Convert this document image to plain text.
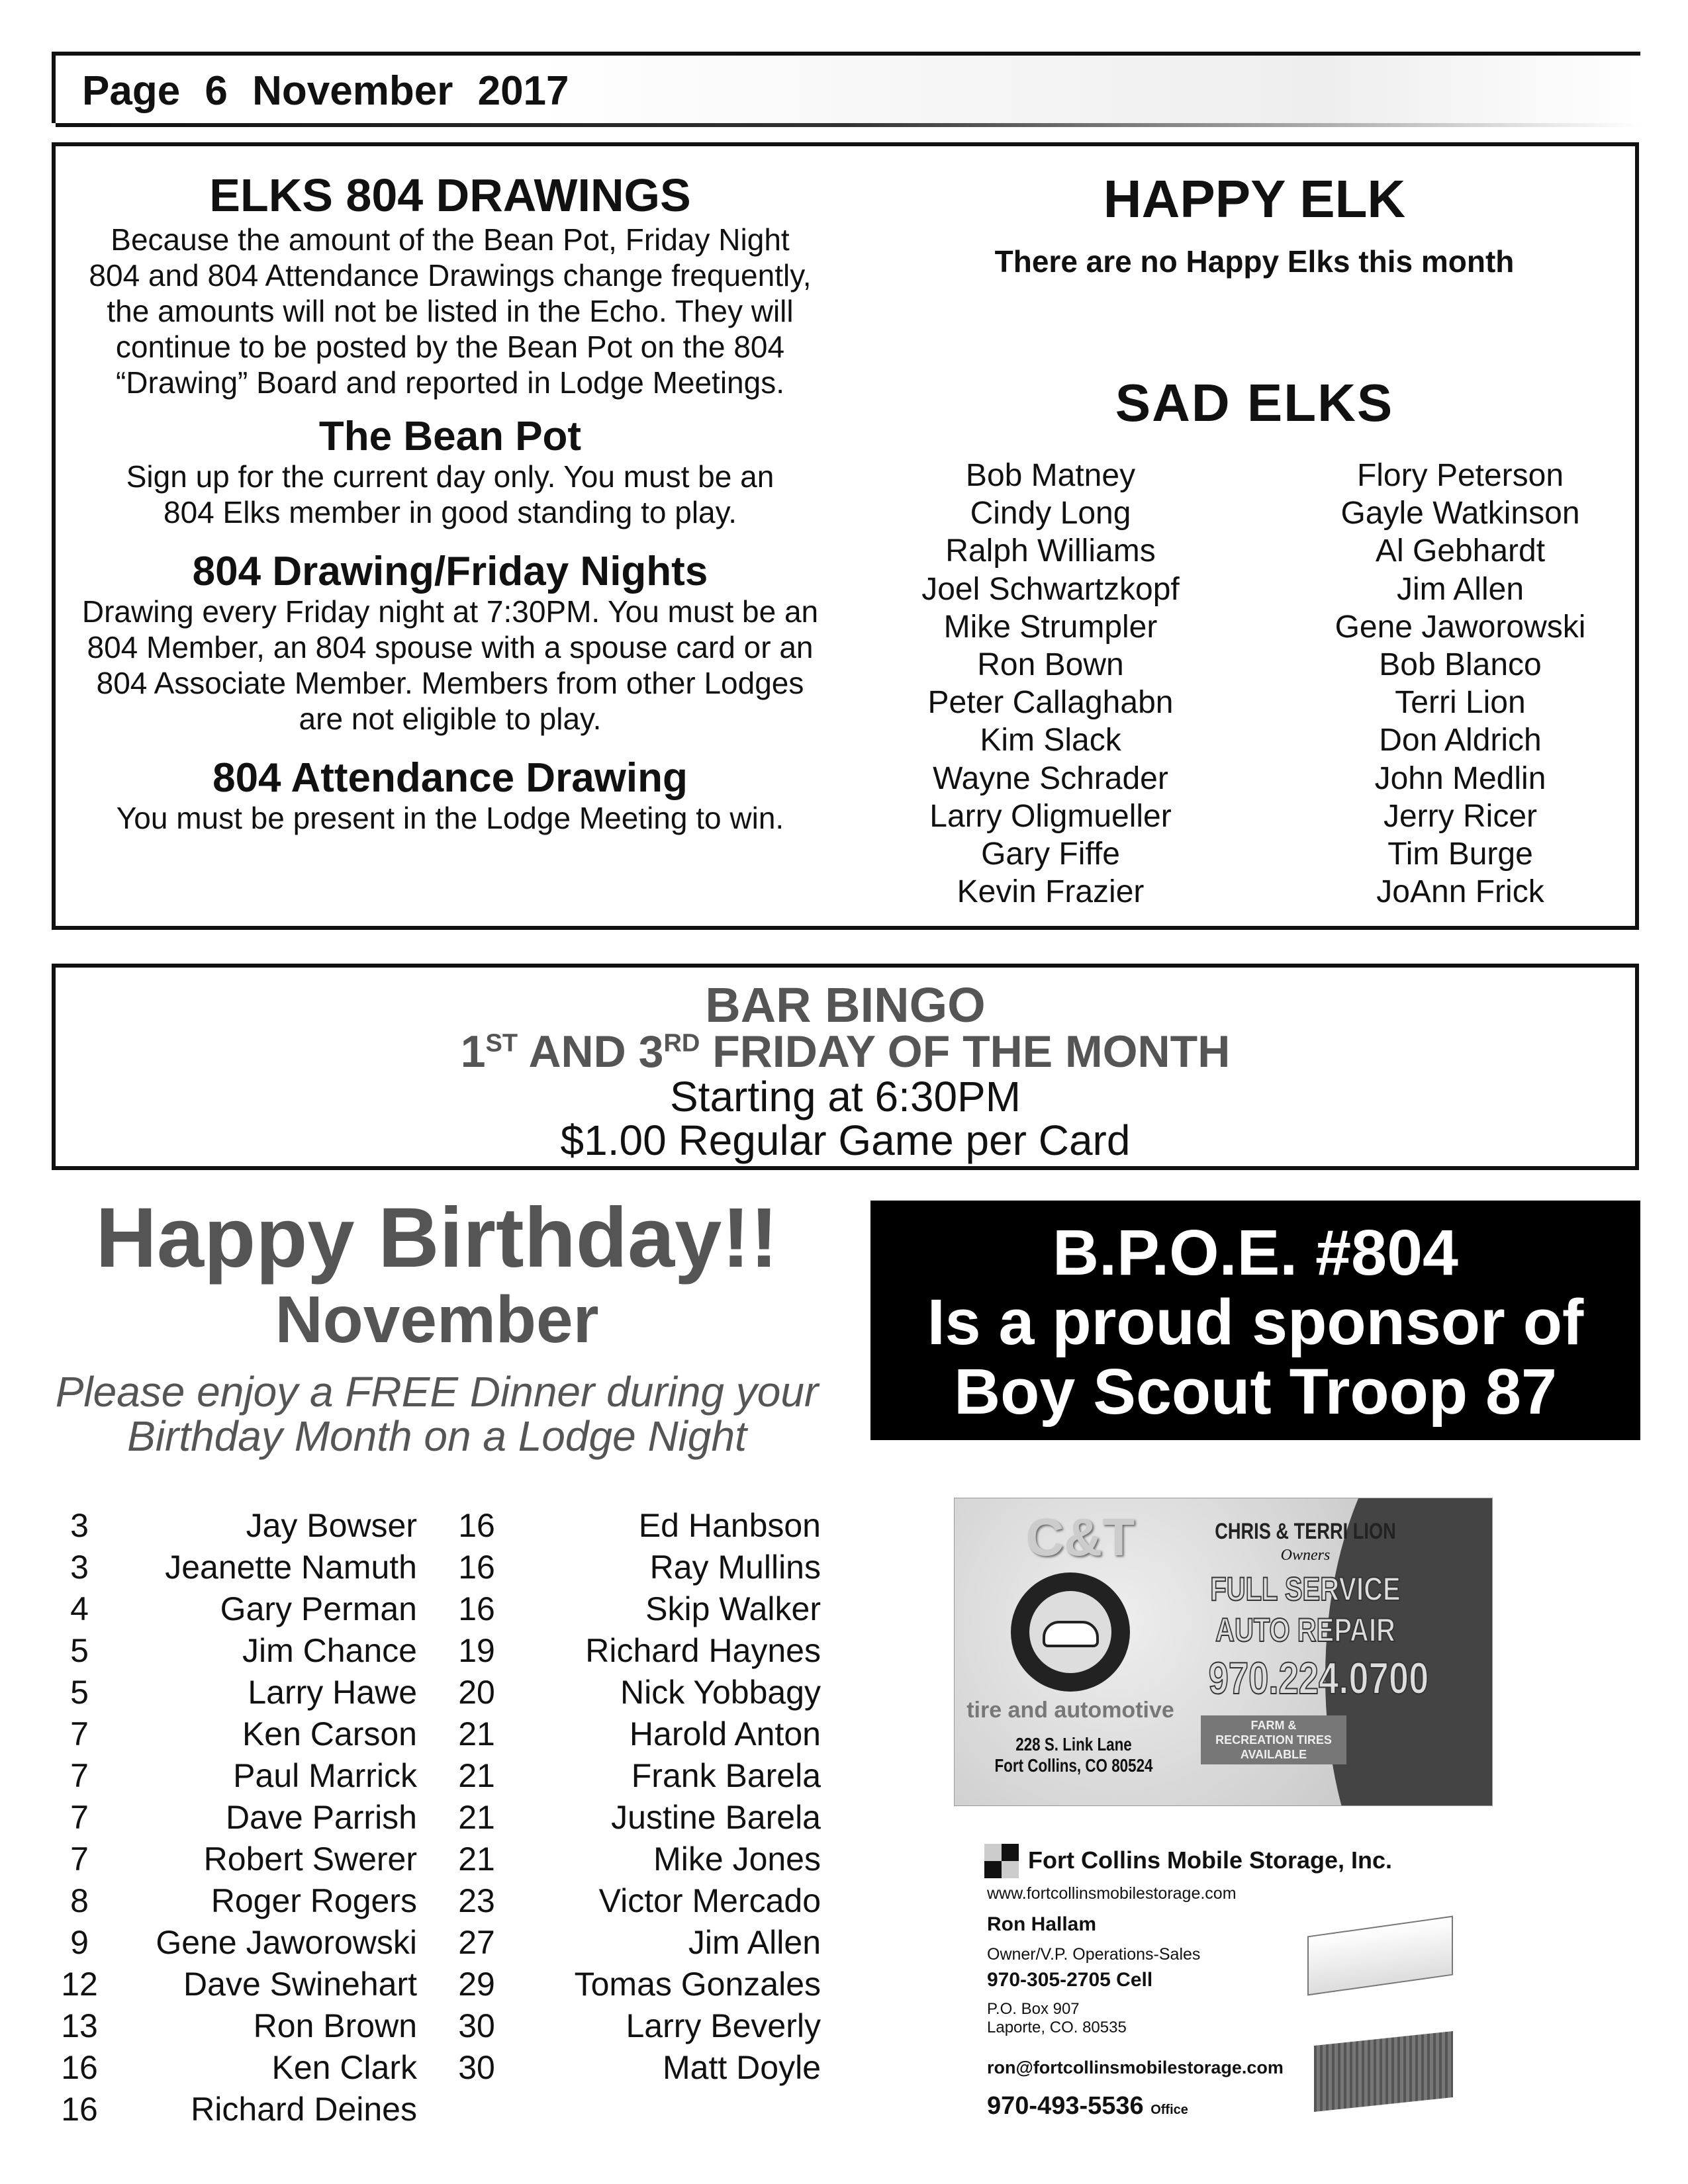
Page 6 November 2017
ELKS 804 DRAWINGS
Because the amount of the Bean Pot, Friday Night
804 and 804 Attendance Drawings change frequently,
the amounts will not be listed in the Echo. They will
continue to be posted by the Bean Pot on the 804
“Drawing” Board and reported in Lodge Meetings.
The Bean Pot
Sign up for the current day only. You must be an
804 Elks member in good standing to play.
804 Drawing/Friday Nights
Drawing every Friday night at 7:30PM. You must be an
804 Member, an 804 spouse with a spouse card or an
804 Associate Member. Members from other Lodges
are not eligible to play.
804 Attendance Drawing
You must be present in the Lodge Meeting to win.
HAPPY ELK
There are no Happy Elks this month
SAD ELKS
Bob Matney
Cindy Long
Ralph Williams
Joel Schwartzkopf
Mike Strumpler
Ron Bown
Peter Callaghabn
Kim Slack
Wayne Schrader
Larry Oligmueller
Gary Fiffe
Kevin Frazier
Flory Peterson
Gayle Watkinson
Al Gebhardt
Jim Allen
Gene Jaworowski
Bob Blanco
Terri Lion
Don Aldrich
John Medlin
Jerry Ricer
Tim Burge
JoAnn Frick
BAR BINGO
1ST AND 3RD FRIDAY OF THE MONTH
Starting at 6:30PM
$1.00 Regular Game per Card
Happy Birthday!!
November
Please enjoy a FREE Dinner during your
Birthday Month on a Lodge Night
3	Jay Bowser
3	Jeanette Namuth
4	Gary Perman
5	Jim Chance
5	Larry Hawe
7	Ken Carson
7	Paul Marrick
7	Dave Parrish
7	Robert Swerer
8	Roger Rogers
9	Gene Jaworowski
12	Dave Swinehart
13	Ron Brown
16	Ken Clark
16	Richard Deines
16	Ed Hanbson
16	Ray Mullins
16	Skip Walker
19	Richard Haynes
20	Nick Yobbagy
21	Harold Anton
21	Frank Barela
21	Justine Barela
21	Mike Jones
23	Victor Mercado
27	Jim Allen
29 Tomas Gonzales
30	Larry Beverly
30	Matt Doyle
B.P.O.E. #804
Is a proud sponsor of
Boy Scout Troop 87
C&T
tire and automotive
CHRIS & TERRI LION
Owners
FULL SERVICE
AUTO REPAIR
970.224.0700
FARM &
RECREATION TIRES
AVAILABLE
228 S. Link Lane
Fort Collins, CO 80524
Fort Collins Mobile Storage, Inc.
www.fortcollinsmobilestorage.com
Ron Hallam
Owner/V.P. Operations-Sales
970-305-2705 Cell
P.O. Box 907
Laporte, CO. 80535
ron@fortcollinsmobilestorage.com
970-493-5536 Office
